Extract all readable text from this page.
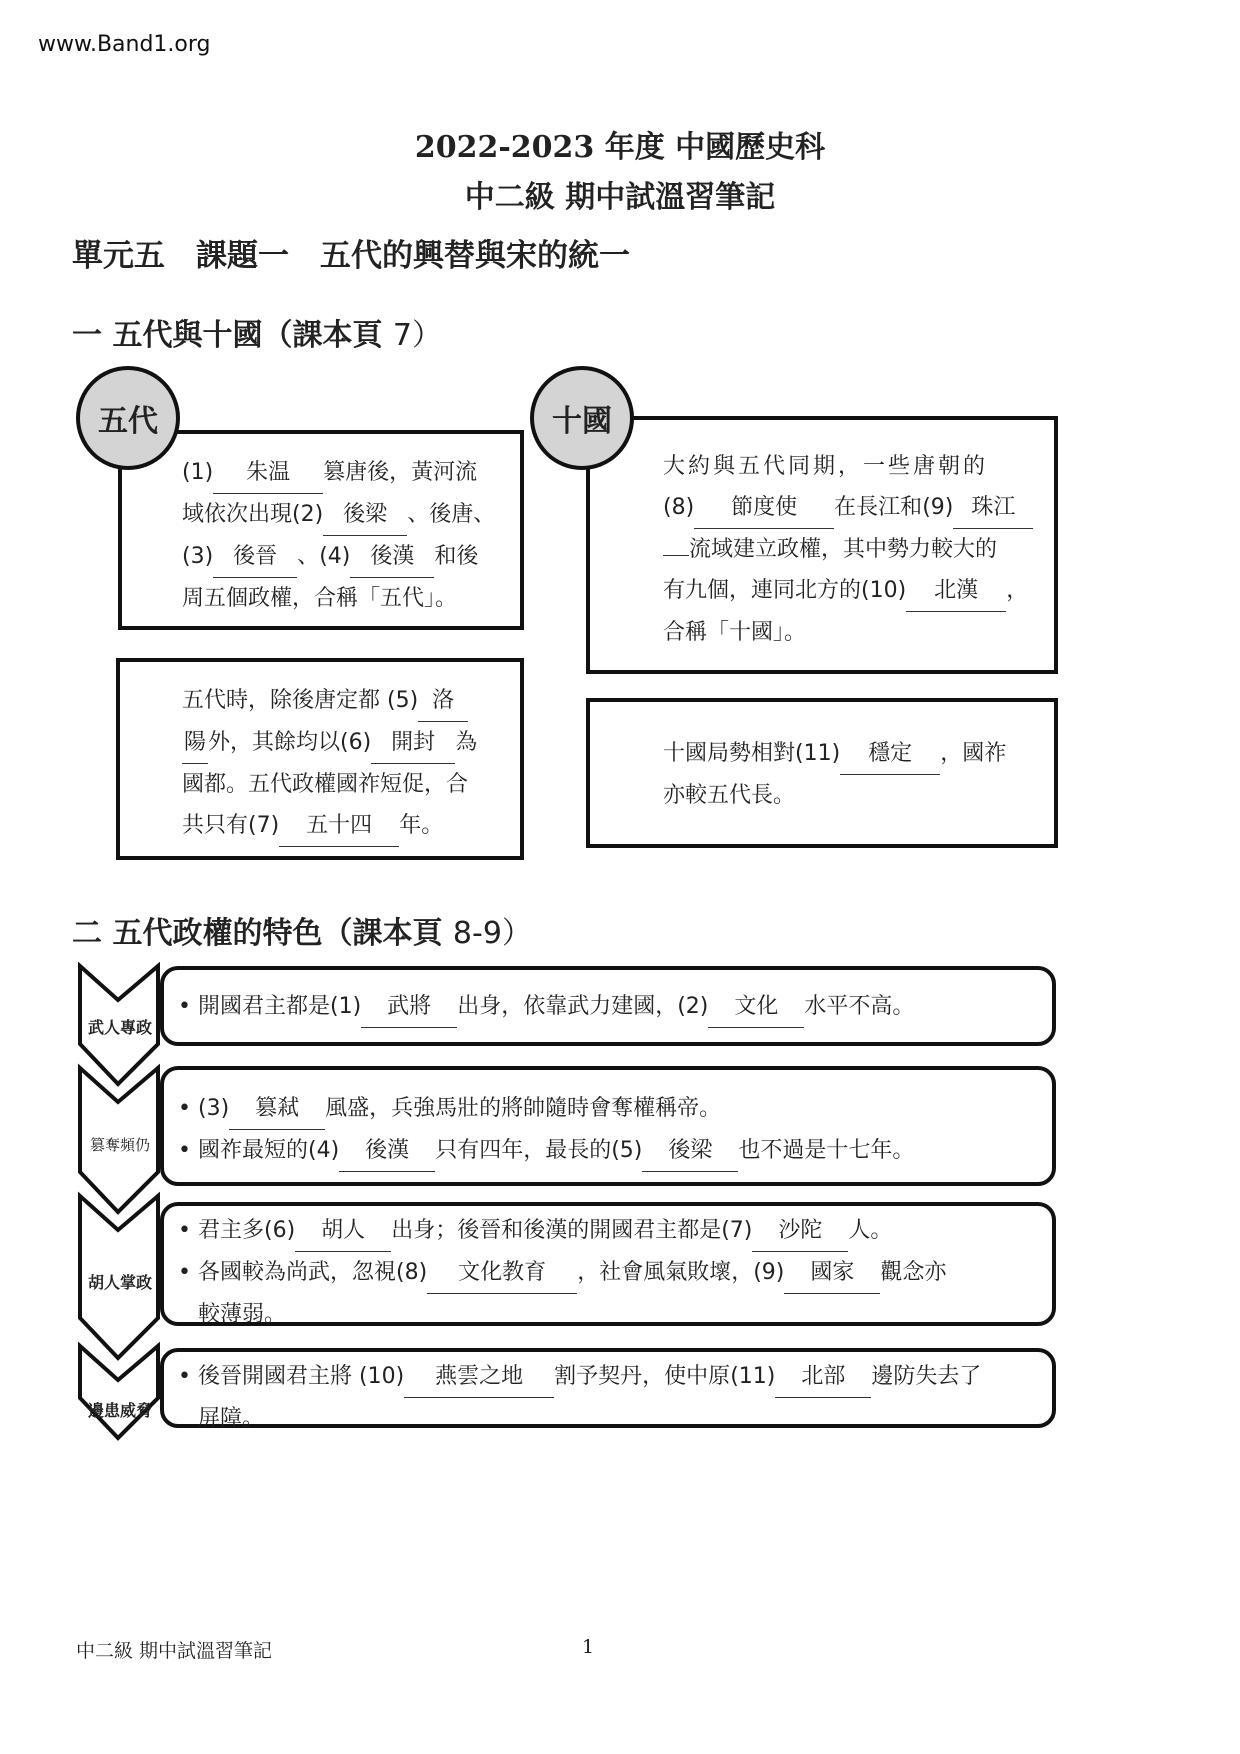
www.Band1.org
2022-2023 年度 中國歷史科
中二級 期中試溫習筆記
單元五　課題一　五代的興替與宋的統一
一 五代與十國（課本頁 7）
(1) 朱温 篡唐後，黃河流
域依次出現(2) 後梁 、後唐、
(3) 後晉 、(4) 後漢 和後
周五個政權，合稱「五代」。
五代
五代時，除後唐定都 (5) 洛
陽外，其餘均以(6) 開封 為
國都。五代政權國祚短促，合
共只有(7) 五十四 年。
大約與五代同期，一些唐朝的
(8) 節度使 在長江和(9) 珠江
流域建立政權，其中勢力較大的
有九個，連同北方的(10) 北漢 ，
合稱「十國」。
十國
十國局勢相對(11) 穩定 ，國祚
亦較五代長。
二 五代政權的特色（課本頁 8-9）
武人專政
篡奪頻仍
胡人掌政
邊患威脅
•開國君主都是(1) 武將 出身，依靠武力建國，(2) 文化 水平不高。
•(3) 篡弒 風盛，兵強馬壯的將帥隨時會奪權稱帝。
•國祚最短的(4) 後漢 只有四年，最長的(5) 後梁 也不過是十七年。
•君主多(6) 胡人 出身；後晉和後漢的開國君主都是(7) 沙陀 人。
•各國較為尚武，忽視(8) 文化教育 ，社會風氣敗壞，(9) 國家 觀念亦
較薄弱。
•後晉開國君主將 (10) 燕雲之地 割予契丹，使中原(11) 北部 邊防失去了
屏障。
中二級 期中試溫習筆記	1
